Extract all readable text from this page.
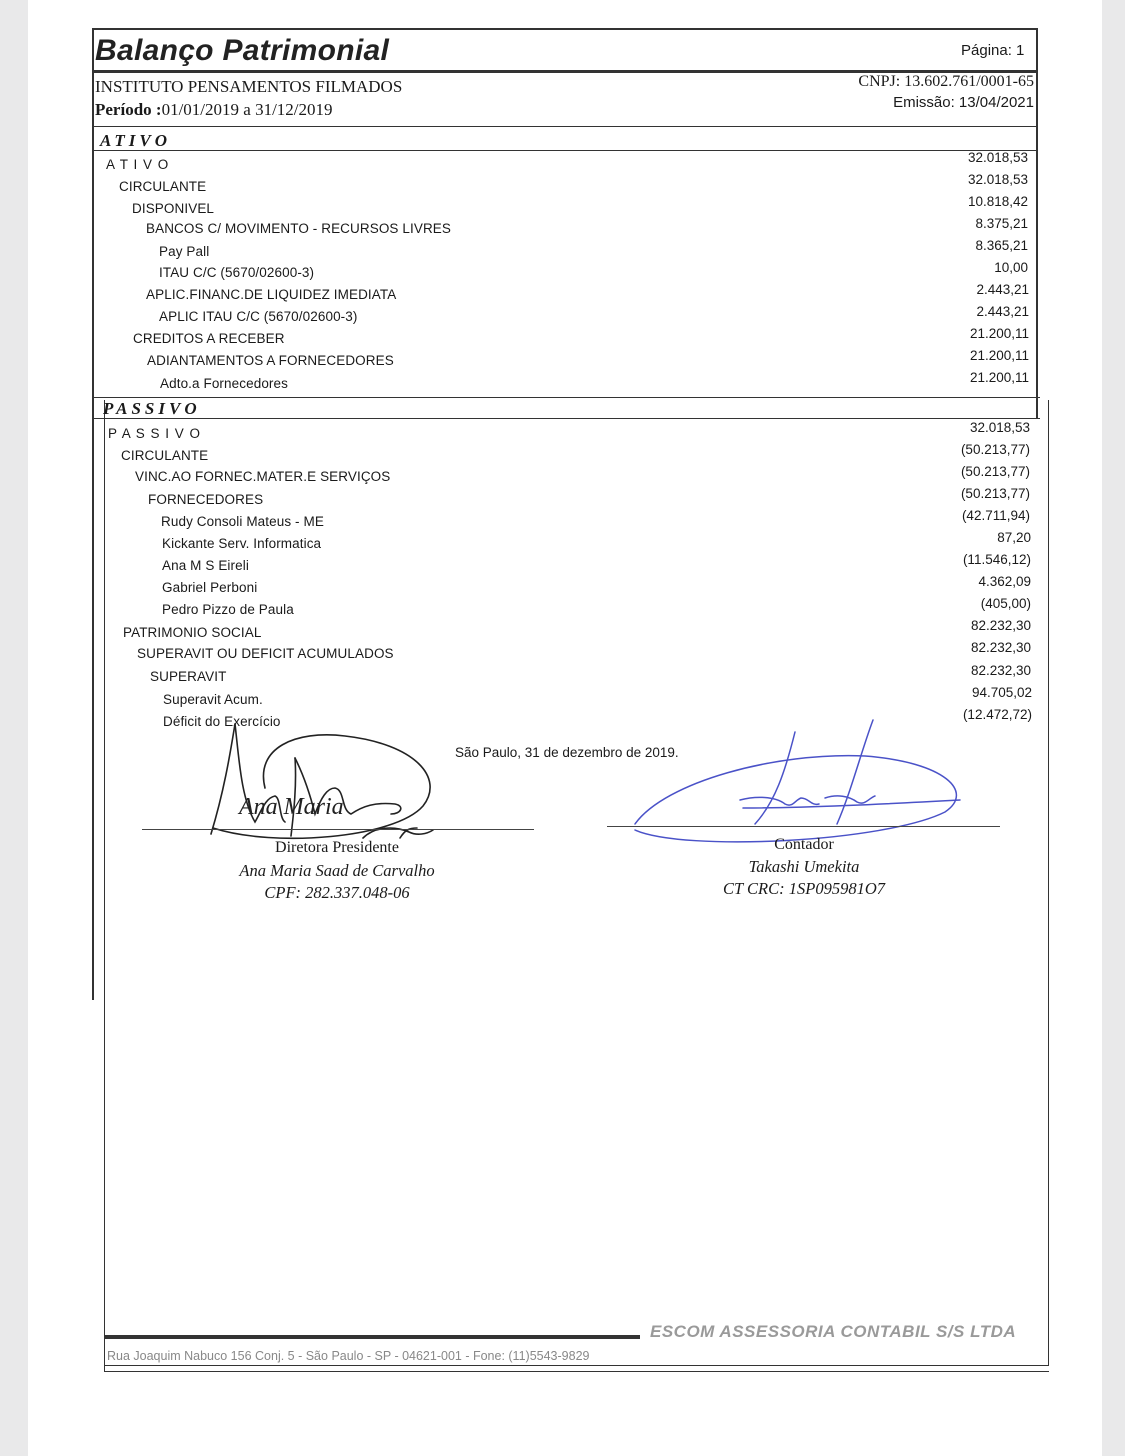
Balanço Patrimonial	Página: 1
INSTITUTO PENSAMENTOS FILMADOS
Período :01/01/2019 a 31/12/2019
CNPJ: 13.602.761/0001-65
Emissão: 13/04/2021
ATIVO
A T I V O	32.018,53
CIRCULANTE	32.018,53
DISPONIVEL	10.818,42
BANCOS C/ MOVIMENTO - RECURSOS LIVRES	8.375,21
Pay Pall	8.365,21
ITAU C/C (5670/02600-3)	10,00
APLIC.FINANC.DE LIQUIDEZ IMEDIATA	2.443,21
APLIC ITAU C/C (5670/02600-3)	2.443,21
CREDITOS A RECEBER	21.200,11
ADIANTAMENTOS A FORNECEDORES	21.200,11
Adto.a Fornecedores	21.200,11
PASSIVO
P A S S I V O	32.018,53
CIRCULANTE	(50.213,77)
VINC.AO FORNEC.MATER.E SERVIÇOS	(50.213,77)
FORNECEDORES	(50.213,77)
Rudy Consoli Mateus - ME	(42.711,94)
Kickante Serv. Informatica	87,20
Ana M S Eireli	(11.546,12)
Gabriel Perboni	4.362,09
Pedro Pizzo de Paula	(405,00)
PATRIMONIO SOCIAL	82.232,30
SUPERAVIT OU DEFICIT ACUMULADOS	82.232,30
SUPERAVIT	82.232,30
Superavit Acum.	94.705,02
Déficit do Exercício	(12.472,72)
São Paulo, 31 de dezembro de 2019.
Ana Maria
Diretora Presidente
Ana Maria Saad de Carvalho
CPF: 282.337.048-06
Contador
Takashi Umekita
CT CRC: 1SP095981O7
ESCOM ASSESSORIA CONTABIL S/S LTDA
Rua Joaquim Nabuco 156 Conj. 5 - São Paulo - SP - 04621-001 - Fone: (11)5543-9829
